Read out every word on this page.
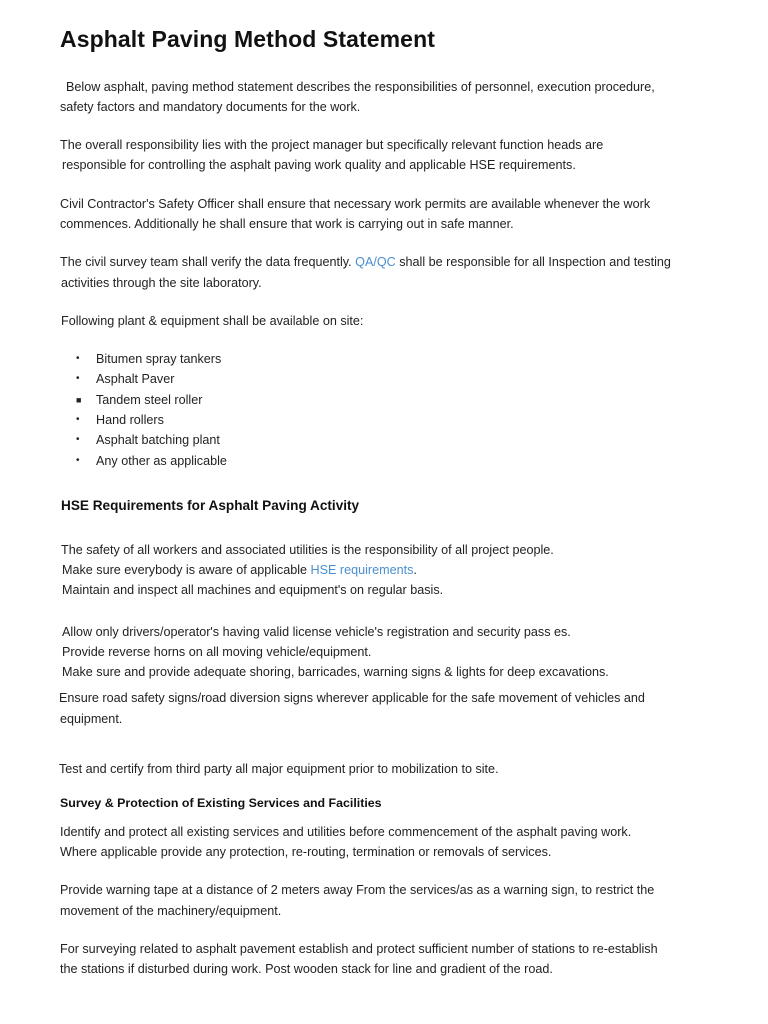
Asphalt Paving Method Statement

Below asphalt, paving method statement describes the responsibilities of personnel, execution procedure,

safety factors and mandatory documents for the work.

The overall responsibility lies with the project manager but specifically relevant function heads are

responsible for controlling the asphalt paving work quality and applicable HSE requirements.

Civil Contractor's Safety Officer shall ensure that necessary work permits are available whenever the work

commences. Additionally he shall ensure that work is carrying out in safe manner.

The civil survey team shall verify the data frequently. QA/QC shall be responsible for all Inspection and testing

activities through the site laboratory.

Following plant & equipment shall be available on site:

•	Bitumen spray tankers
•	Asphalt Paver
■	Tandem steel roller
•	Hand rollers
•	Asphalt batching plant
•	Any other as applicable
HSE Requirements for Asphalt Paving Activity

The safety of all workers and associated utilities is the responsibility of all project people.

Make sure everybody is aware of applicable HSE requirements.

Maintain and inspect all machines and equipment's on regular basis.

Allow only drivers/operator's having valid license vehicle's registration and security pass es.

Provide reverse horns on all moving vehicle/equipment.

Make sure and provide adequate shoring, barricades, warning signs & lights for deep excavations.

Ensure road safety signs/road diversion signs wherever applicable for the safe movement of vehicles and

equipment.

Test and certify from third party all major equipment prior to mobilization to site.

Survey & Protection of Existing Services and Facilities

Identify and protect all existing services and utilities before commencement of the asphalt paving work.

Where applicable provide any protection, re-routing, termination or removals of services.

Provide warning tape at a distance of 2 meters away From the services/as as a warning sign, to restrict the

movement of the machinery/equipment.

For surveying related to asphalt pavement establish and protect sufficient number of stations to re-establish

the stations if disturbed during work. Post wooden stack for line and gradient of the road.
